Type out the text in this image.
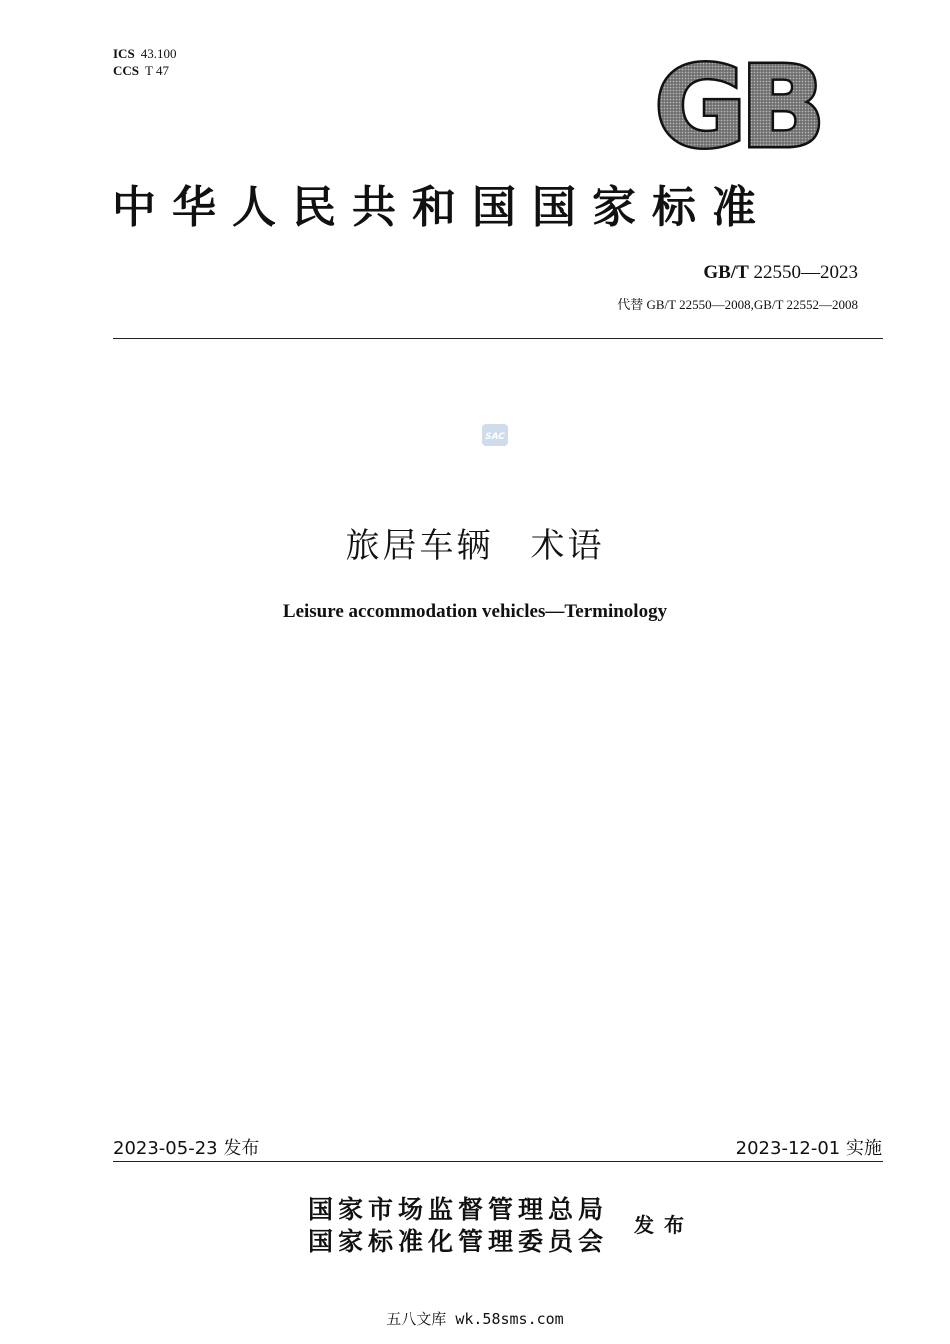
ICS 43.100
CCS T 47	GB
中华人民共和国国家标准
GB/T 22550—2023
代替 GB/T 22550—2008,GB/T 22552—2008
SAC
旅居车辆　术语
Leisure accommodation vehicles—Terminology
2023-05-23 发布	2023-12-01 实施
国家市场监督管理总局
国家标准化管理委员会
发布
五八文库 wk.58sms.com
